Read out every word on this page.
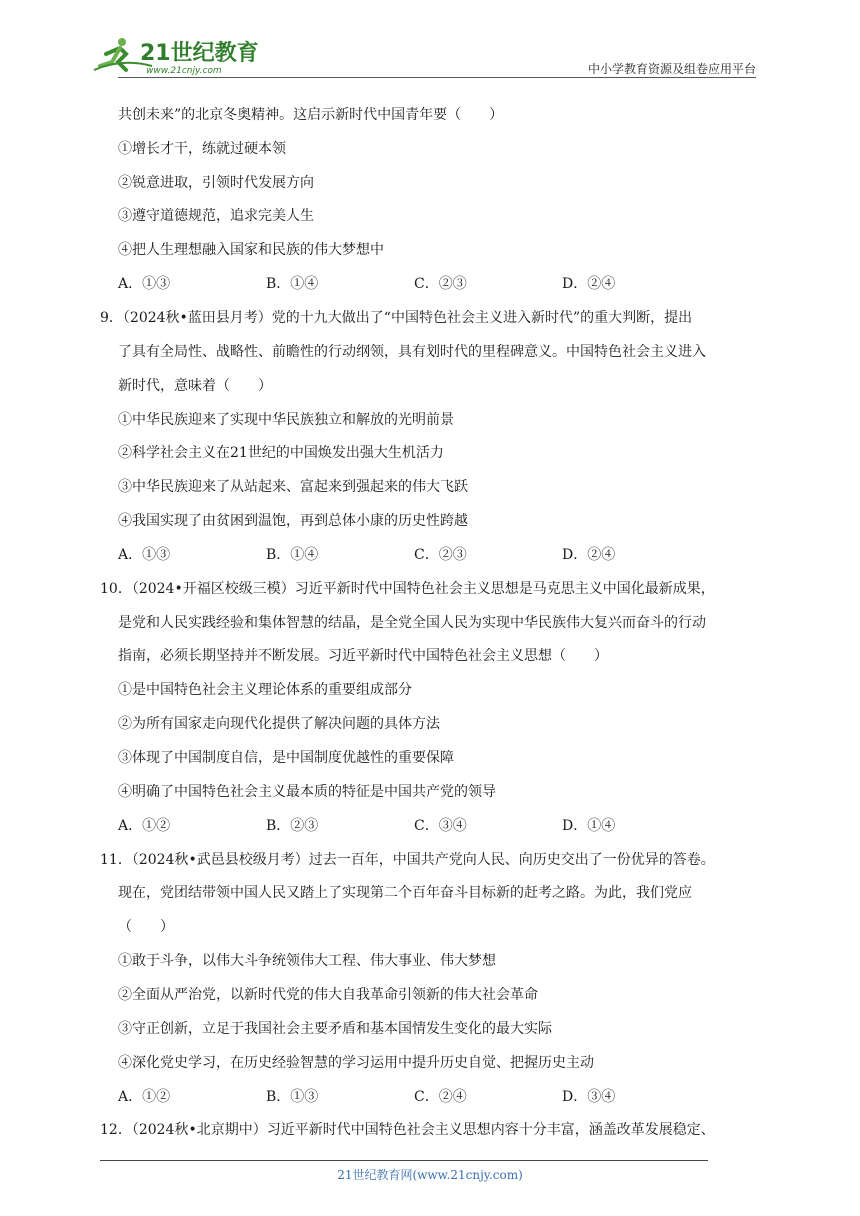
21世纪教育
www.21cnjy.com	中小学教育资源及组卷应用平台
共创未来”的北京冬奥精神。这启示新时代中国青年要（　　）
①增长才干，练就过硬本领
②锐意进取，引领时代发展方向
③遵守道德规范，追求完美人生
④把人生理想融入国家和民族的伟大梦想中
A．①③	B．①④	C．②③	D．②④
9．（2024秋•蓝田县月考）党的十九大做出了“中国特色社会主义进入新时代”的重大判断，提出
了具有全局性、战略性、前瞻性的行动纲领，具有划时代的里程碑意义。中国特色社会主义进入
新时代，意味着（　　）
①中华民族迎来了实现中华民族独立和解放的光明前景
②科学社会主义在21世纪的中国焕发出强大生机活力
③中华民族迎来了从站起来、富起来到强起来的伟大飞跃
④我国实现了由贫困到温饱，再到总体小康的历史性跨越
A．①③	B．①④	C．②③	D．②④
10．（2024•开福区校级三模）习近平新时代中国特色社会主义思想是马克思主义中国化最新成果，
是党和人民实践经验和集体智慧的结晶，是全党全国人民为实现中华民族伟大复兴而奋斗的行动
指南，必须长期坚持并不断发展。习近平新时代中国特色社会主义思想（　　）
①是中国特色社会主义理论体系的重要组成部分
②为所有国家走向现代化提供了解决问题的具体方法
③体现了中国制度自信，是中国制度优越性的重要保障
④明确了中国特色社会主义最本质的特征是中国共产党的领导
A．①②	B．②③	C．③④	D．①④
11．（2024秋•武邑县校级月考）过去一百年，中国共产党向人民、向历史交出了一份优异的答卷。
现在，党团结带领中国人民又踏上了实现第二个百年奋斗目标新的赶考之路。为此，我们党应
（　　）
①敢于斗争，以伟大斗争统领伟大工程、伟大事业、伟大梦想
②全面从严治党，以新时代党的伟大自我革命引领新的伟大社会革命
③守正创新，立足于我国社会主要矛盾和基本国情发生变化的最大实际
④深化党史学习，在历史经验智慧的学习运用中提升历史自觉、把握历史主动
A．①②	B．①③	C．②④	D．③④
12．（2024秋•北京期中）习近平新时代中国特色社会主义思想内容十分丰富，涵盖改革发展稳定、
21世纪教育网(www.21cnjy.com)
